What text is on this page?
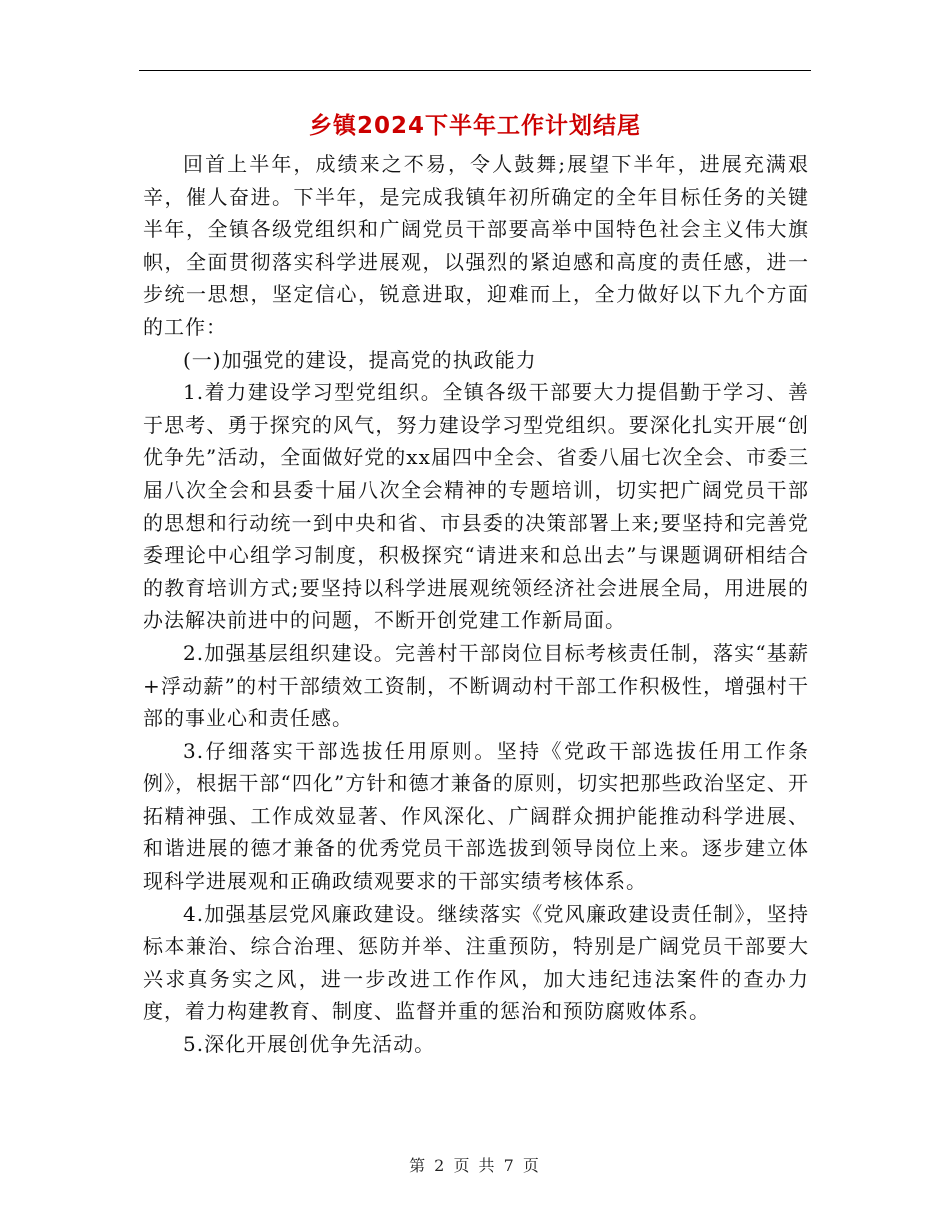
乡镇2024下半年工作计划结尾

回首上半年，成绩来之不易，令人鼓舞;展望下半年，进展充满艰辛，催人奋进。下半年，是完成我镇年初所确定的全年目标任务的关键半年，全镇各级党组织和广阔党员干部要高举中国特色社会主义伟大旗帜，全面贯彻落实科学进展观，以强烈的紧迫感和高度的责任感，进一步统一思想，坚定信心，锐意进取，迎难而上，全力做好以下九个方面的工作：

(一)加强党的建设，提高党的执政能力

1.着力建设学习型党组织。全镇各级干部要大力提倡勤于学习、善于思考、勇于探究的风气，努力建设学习型党组织。要深化扎实开展“创优争先”活动，全面做好党的xx届四中全会、省委八届七次全会、市委三届八次全会和县委十届八次全会精神的专题培训，切实把广阔党员干部的思想和行动统一到中央和省、市县委的决策部署上来;要坚持和完善党委理论中心组学习制度，积极探究“请进来和总出去”与课题调研相结合的教育培训方式;要坚持以科学进展观统领经济社会进展全局，用进展的办法解决前进中的问题，不断开创党建工作新局面。

2.加强基层组织建设。完善村干部岗位目标考核责任制，落实“基薪+浮动薪”的村干部绩效工资制，不断调动村干部工作积极性，增强村干部的事业心和责任感。

3.仔细落实干部选拔任用原则。坚持《党政干部选拔任用工作条例》，根据干部“四化”方针和德才兼备的原则，切实把那些政治坚定、开拓精神强、工作成效显著、作风深化、广阔群众拥护能推动科学进展、和谐进展的德才兼备的优秀党员干部选拔到领导岗位上来。逐步建立体现科学进展观和正确政绩观要求的干部实绩考核体系。

4.加强基层党风廉政建设。继续落实《党风廉政建设责任制》，坚持标本兼治、综合治理、惩防并举、注重预防，特别是广阔党员干部要大兴求真务实之风，进一步改进工作作风，加大违纪违法案件的查办力度，着力构建教育、制度、监督并重的惩治和预防腐败体系。

5.深化开展创优争先活动。

第 2 页 共 7 页
